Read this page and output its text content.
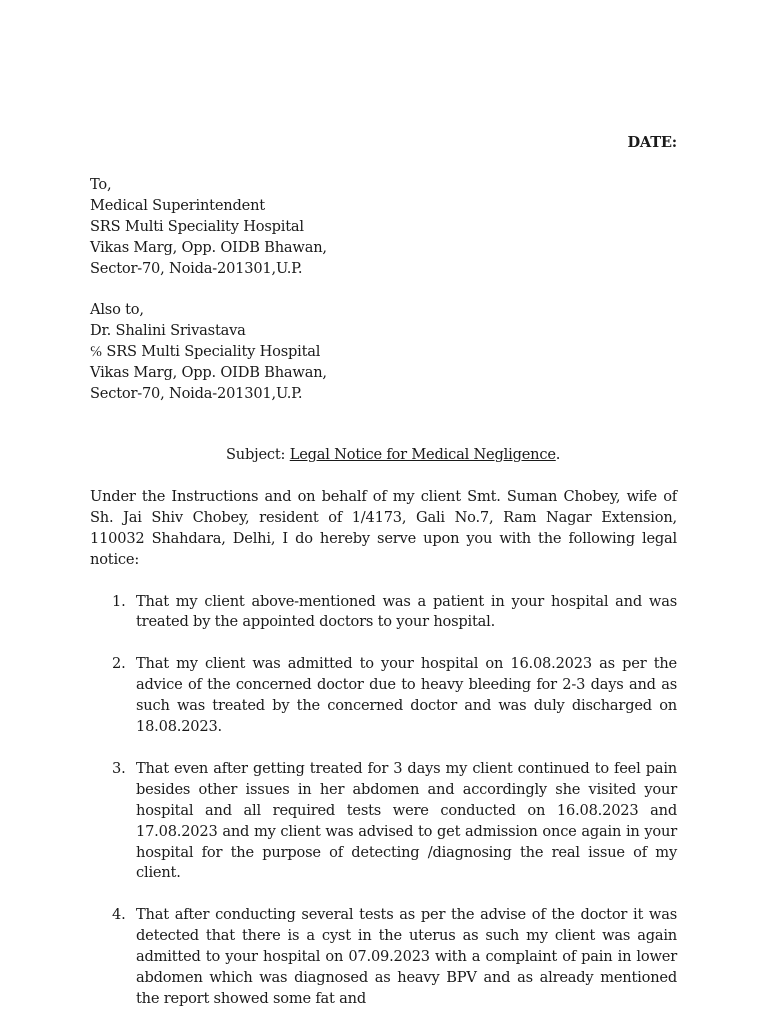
DATE:

To,
Medical Superintendent
SRS Multi Speciality Hospital
Vikas Marg, Opp. OIDB Bhawan,
Sector-70, Noida-201301,U.P.
Also to,
Dr. Shalini Srivastava
℅ SRS Multi Speciality Hospital
Vikas Marg, Opp. OIDB Bhawan,
Sector-70, Noida-201301,U.P.

Subject: Legal Notice for Medical Negligence.

Under the Instructions and on behalf of my client Smt. Suman Chobey, wife of Sh. Jai Shiv Chobey, resident of 1/4173, Gali No.7, Ram Nagar Extension, 110032 Shahdara, Delhi, I do hereby serve upon you with the following legal notice:

1. That my client above-mentioned was a patient in your hospital and was treated by the appointed doctors to your hospital.
2. That my client was admitted to your hospital on 16.08.2023 as per the advice of the concerned doctor due to heavy bleeding for 2-3 days and as such was treated by the concerned doctor and was duly discharged on 18.08.2023.
3. That even after getting treated for 3 days my client continued to feel pain besides other issues in her abdomen and accordingly she visited your hospital and all required tests were conducted on 16.08.2023 and 17.08.2023 and my client was advised to get admission once again in your hospital for the purpose of detecting /diagnosing the real issue of my client.
4. That after conducting several tests as per the advise of the doctor it was detected that there is a cyst in the uterus as such my client was again admitted to your hospital on 07.09.2023 with a complaint of pain in lower abdomen which was diagnosed as heavy BPV and as already mentioned the report showed some fat and
